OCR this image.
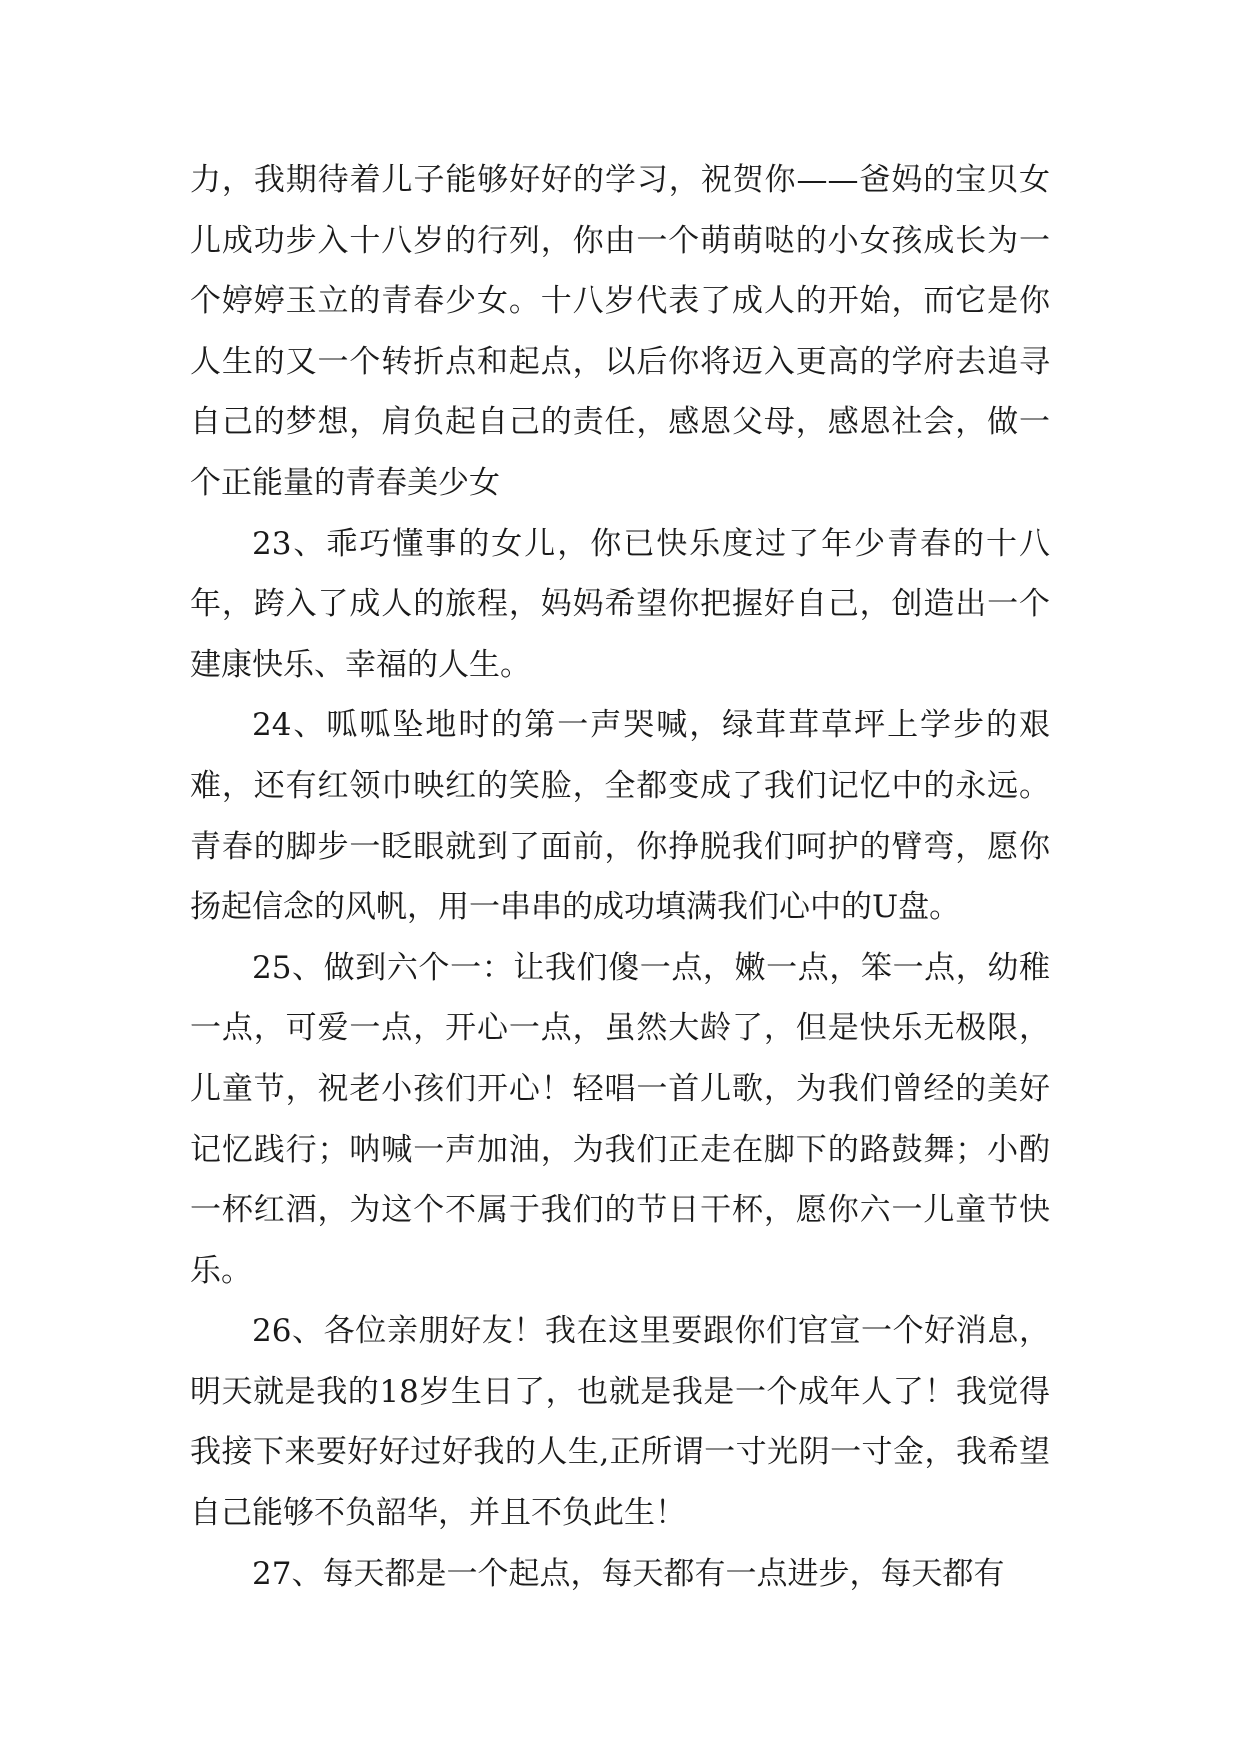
力，我期待着儿子能够好好的学习，祝贺你——爸妈的宝贝女儿成功步入十八岁的行列，你由一个萌萌哒的小女孩成长为一个婷婷玉立的青春少女。十八岁代表了成人的开始，而它是你人生的又一个转折点和起点，以后你将迈入更高的学府去追寻自己的梦想，肩负起自己的责任，感恩父母，感恩社会，做一个正能量的青春美少女

23、乖巧懂事的女儿，你已快乐度过了年少青春的十八年，跨入了成人的旅程，妈妈希望你把握好自己，创造出一个建康快乐、幸福的人生。

24、呱呱坠地时的第一声哭喊，绿茸茸草坪上学步的艰难，还有红领巾映红的笑脸，全都变成了我们记忆中的永远。青春的脚步一眨眼就到了面前，你挣脱我们呵护的臂弯，愿你扬起信念的风帆，用一串串的成功填满我们心中的U盘。

25、做到六个一：让我们傻一点，嫩一点，笨一点，幼稚一点，可爱一点，开心一点，虽然大龄了，但是快乐无极限，儿童节，祝老小孩们开心！轻唱一首儿歌，为我们曾经的美好记忆践行；呐喊一声加油，为我们正走在脚下的路鼓舞；小酌一杯红酒，为这个不属于我们的节日干杯，愿你六一儿童节快乐。

26、各位亲朋好友！我在这里要跟你们官宣一个好消息，明天就是我的18岁生日了，也就是我是一个成年人了！我觉得我接下来要好好过好我的人生,正所谓一寸光阴一寸金，我希望自己能够不负韶华，并且不负此生！

27、每天都是一个起点，每天都有一点进步，每天都有
